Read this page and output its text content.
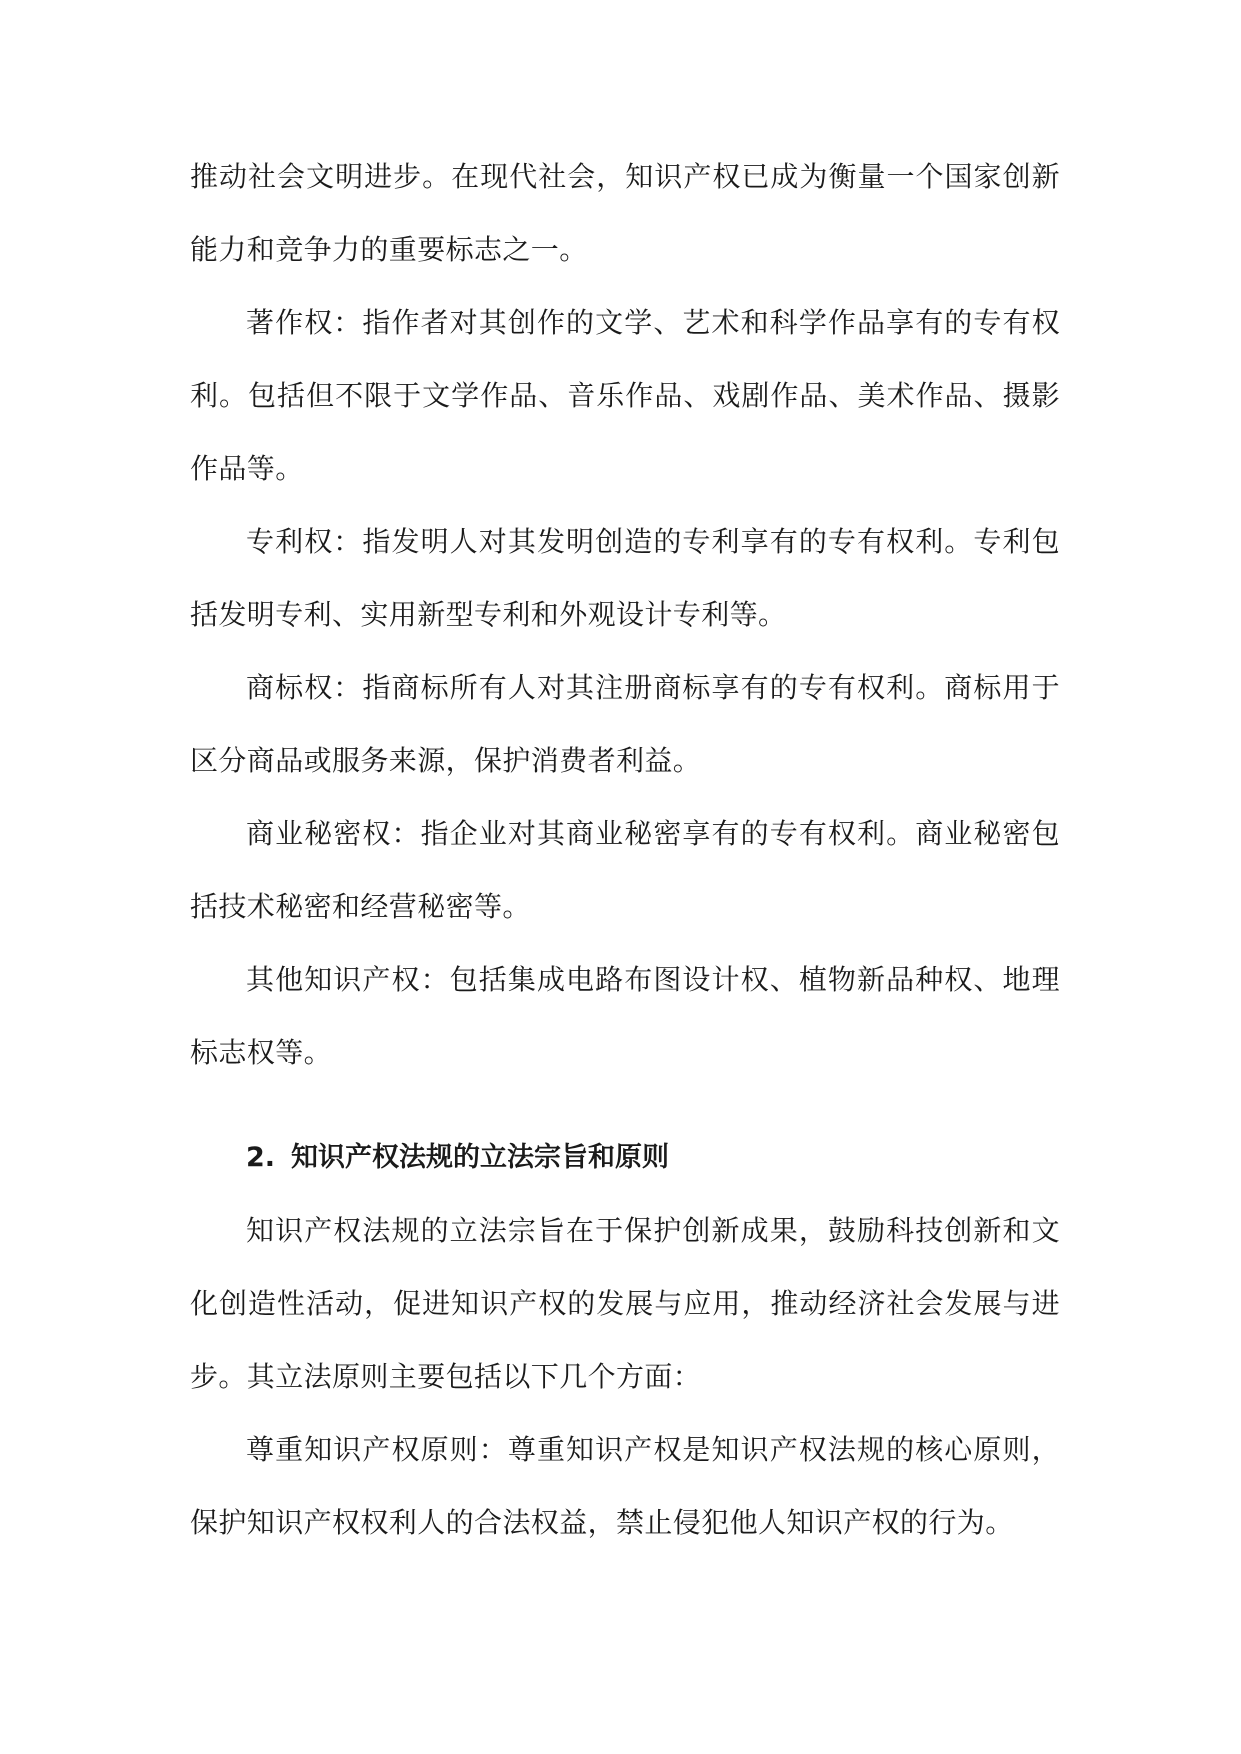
推动社会文明进步。在现代社会，知识产权已成为衡量一个国家创新能力和竞争力的重要标志之一。

著作权：指作者对其创作的文学、艺术和科学作品享有的专有权利。包括但不限于文学作品、音乐作品、戏剧作品、美术作品、摄影作品等。

专利权：指发明人对其发明创造的专利享有的专有权利。专利包括发明专利、实用新型专利和外观设计专利等。

商标权：指商标所有人对其注册商标享有的专有权利。商标用于区分商品或服务来源，保护消费者利益。

商业秘密权：指企业对其商业秘密享有的专有权利。商业秘密包括技术秘密和经营秘密等。

其他知识产权：包括集成电路布图设计权、植物新品种权、地理标志权等。

2. 知识产权法规的立法宗旨和原则

知识产权法规的立法宗旨在于保护创新成果，鼓励科技创新和文化创造性活动，促进知识产权的发展与应用，推动经济社会发展与进步。其立法原则主要包括以下几个方面：

尊重知识产权原则：尊重知识产权是知识产权法规的核心原则，保护知识产权权利人的合法权益，禁止侵犯他人知识产权的行为。
